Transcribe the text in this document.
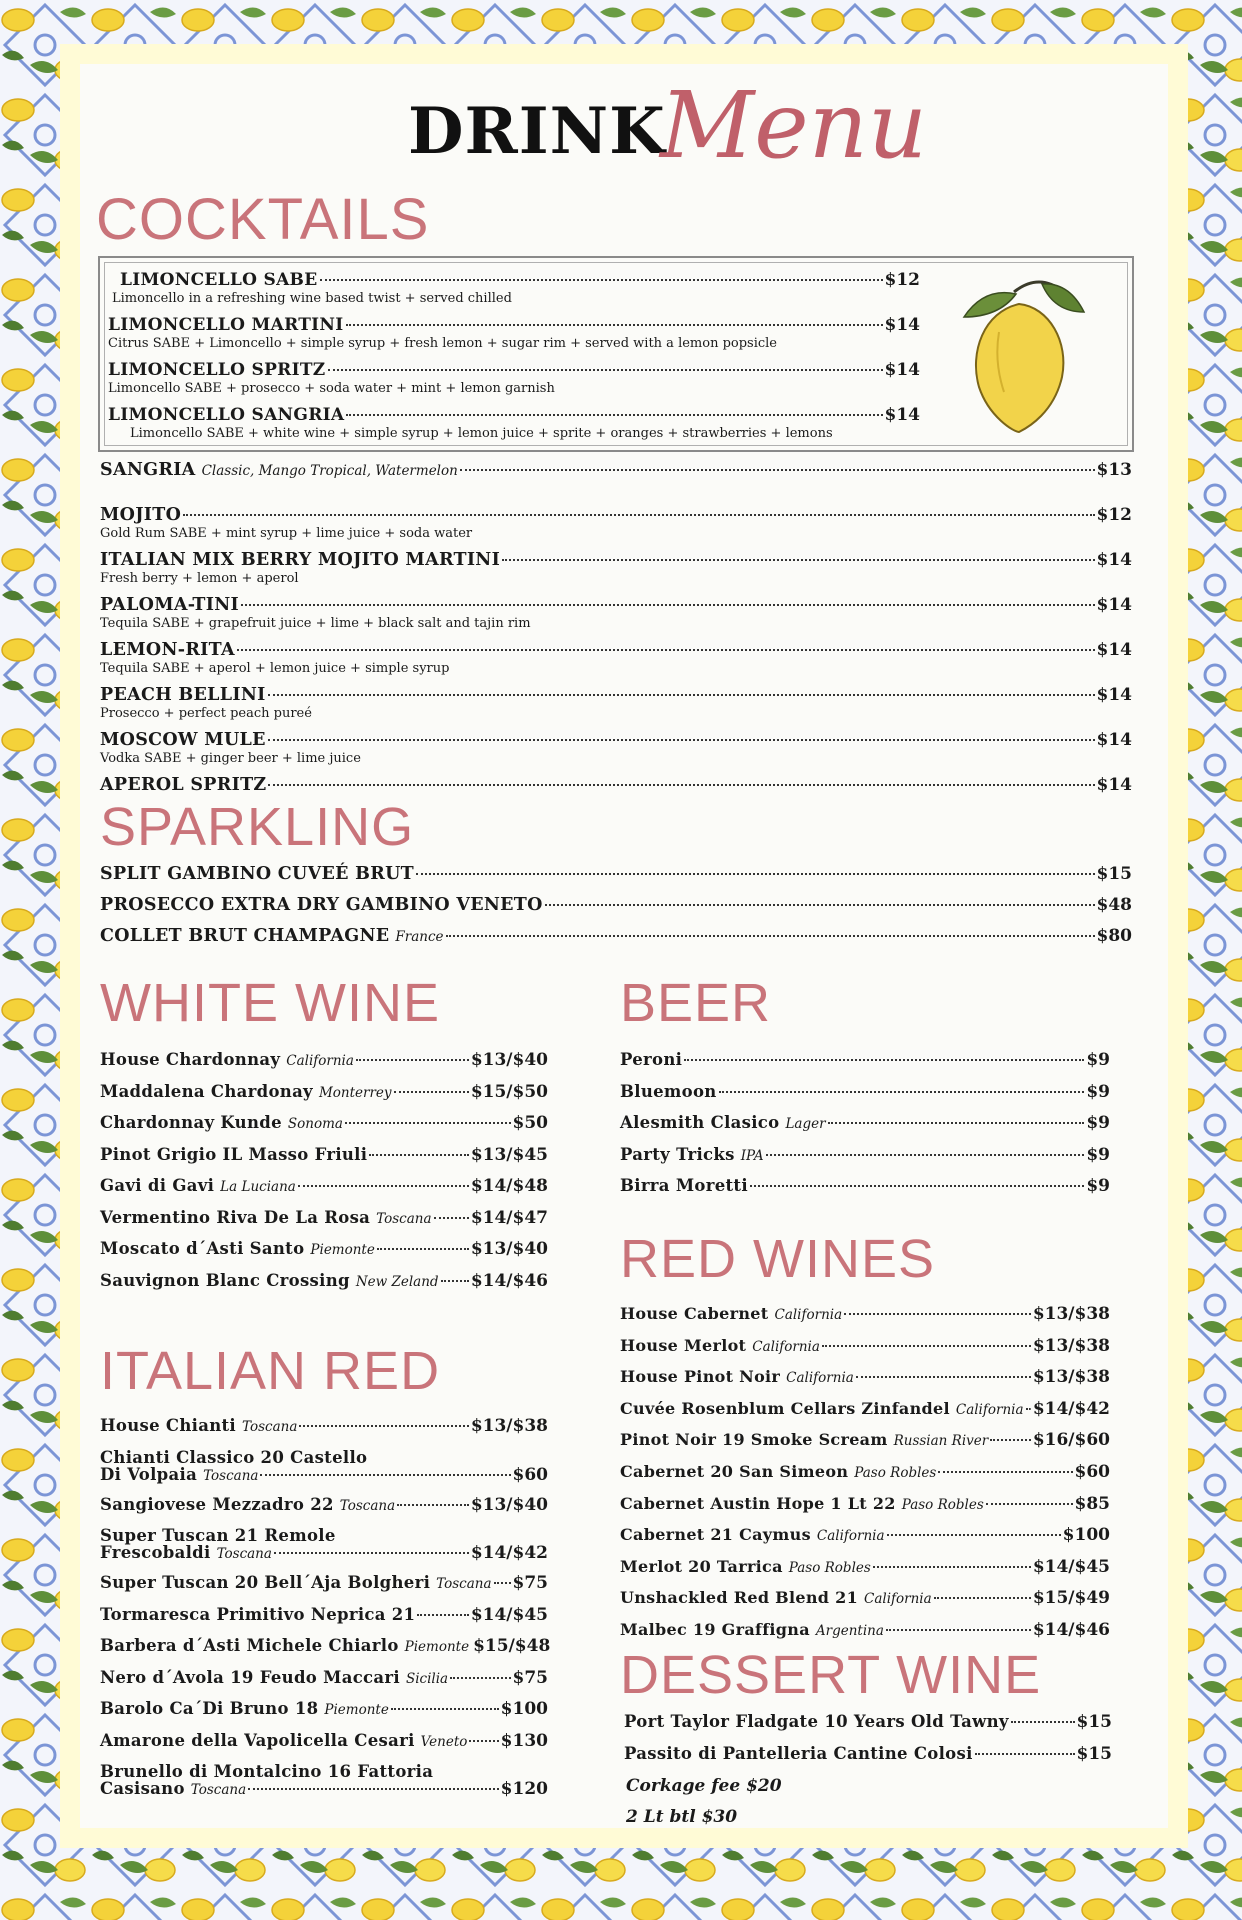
DRINK
Menu
COCKTAILS
LIMONCELLO SABE	$12
Limoncello in a refreshing wine based twist + served chilled
LIMONCELLO MARTINI	$14
Citrus SABE + Limoncello + simple syrup + fresh lemon + sugar rim + served with a lemon popsicle
LIMONCELLO SPRITZ	$14
Limoncello SABE + prosecco + soda water + mint + lemon garnish
LIMONCELLO SANGRIA	$14
Limoncello SABE + white wine + simple syrup + lemon juice + sprite + oranges + strawberries + lemons
SANGRIA Classic, Mango Tropical, Watermelon	$13
MOJITO	$12
Gold Rum SABE + mint syrup + lime juice + soda water
ITALIAN MIX BERRY MOJITO MARTINI	$14
Fresh berry + lemon + aperol
PALOMA-TINI	$14
Tequila SABE + grapefruit juice + lime + black salt and tajin rim
LEMON-RITA	$14
Tequila SABE + aperol + lemon juice + simple syrup
PEACH BELLINI	$14
Prosecco + perfect peach pureé
MOSCOW MULE	$14
Vodka SABE + ginger beer + lime juice
APEROL SPRITZ	$14
SPARKLING
SPLIT GAMBINO CUVEÉ BRUT	$15
PROSECCO EXTRA DRY GAMBINO VENETO	$48
COLLET BRUT CHAMPAGNE France	$80
WHITE WINE
House Chardonnay California	$13/$40
Maddalena Chardonay Monterrey	$15/$50
Chardonnay Kunde Sonoma	$50
Pinot Grigio IL Masso Friuli	$13/$45
Gavi di Gavi La Luciana	$14/$48
Vermentino Riva De La Rosa Toscana $14/$47
Moscato d´Asti Santo Piemonte	$13/$40
Sauvignon Blanc Crossing New Zeland $14/$46
BEER
Peroni	$9
Bluemoon	$9
Alesmith Clasico Lager	$9
Party Tricks IPA	$9
Birra Moretti	$9
RED WINES
House Cabernet California	$13/$38
House Merlot California	$13/$38
House Pinot Noir California	$13/$38
Cuvée Rosenblum Cellars Zinfandel California $14/$42
Pinot Noir 19 Smoke Scream Russian River	$16/$60
Cabernet 20 San Simeon Paso Robles	$60
Cabernet Austin Hope 1 Lt 22 Paso Robles	$85
Cabernet 21 Caymus California	$100
Merlot 20 Tarrica Paso Robles	$14/$45
Unshackled Red Blend 21 California	$15/$49
Malbec 19 Graffigna Argentina	$14/$46
ITALIAN RED
House Chianti Toscana	$13/$38
Chianti Classico 20 Castello
Di Volpaia Toscana	$60
Sangiovese Mezzadro 22 Toscana	$13/$40
Super Tuscan 21 Remole
Frescobaldi Toscana	$14/$42
Super Tuscan 20 Bell´Aja Bolgheri Toscana $75
Tormaresca Primitivo Neprica 21	$14/$45
Barbera d´Asti Michele Chiarlo Piemonte $15/$48
Nero d´Avola 19 Feudo Maccari Sicilia	$75
Barolo Ca´Di Bruno 18 Piemonte	$100
Amarone della Vapolicella Cesari Veneto $130
Brunello di Montalcino 16 Fattoria
Casisano Toscana	$120
DESSERT WINE
Port Taylor Fladgate 10 Years Old Tawny	$15
Passito di Pantelleria Cantine Colosi	$15
Corkage fee $20
2 Lt btl $30
